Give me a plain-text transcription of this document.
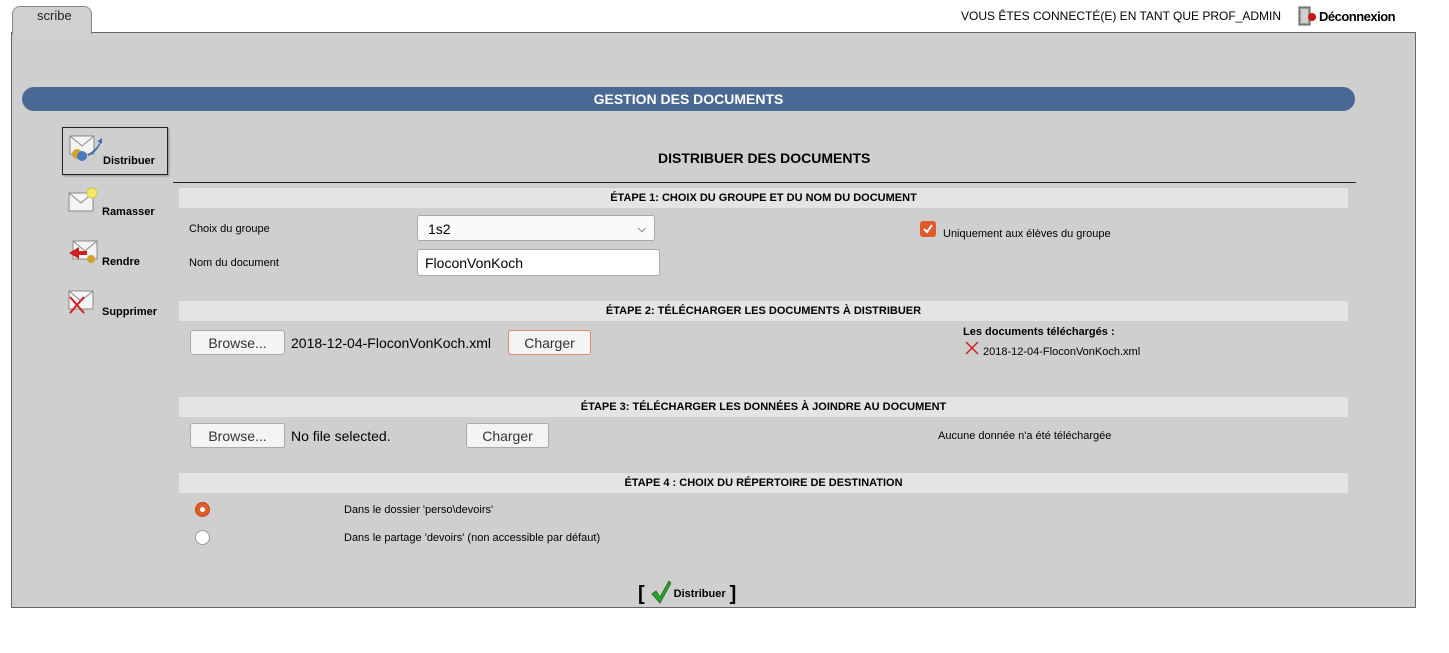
scribe	VOUS ÊTES CONNECTÉ(E) EN TANT QUE PROF_ADMIN	Déconnexion
GESTION DES DOCUMENTS
Distribuer
Ramasser
Rendre
Supprimer
DISTRIBUER DES DOCUMENTS
ÉTAPE 1: CHOIX DU GROUPE ET DU NOM DU DOCUMENT
Choix du groupe	1s2	⌵
Nom du document	FloconVonKoch
Uniquement aux élèves du groupe
ÉTAPE 2: TÉLÉCHARGER LES DOCUMENTS À DISTRIBUER
Browse...	2018-12-04-FloconVonKoch.xml	Charger
Les documents téléchargés :
2018-12-04-FloconVonKoch.xml
ÉTAPE 3: TÉLÉCHARGER LES DONNÉES À JOINDRE AU DOCUMENT
Browse...	No file selected.	Charger	Aucune donnée n'a été téléchargée
ÉTAPE 4 : CHOIX DU RÉPERTOIRE DE DESTINATION
Dans le dossier 'perso\devoirs'
Dans le partage 'devoirs' (non accessible par défaut)
[	Distribuer ]
